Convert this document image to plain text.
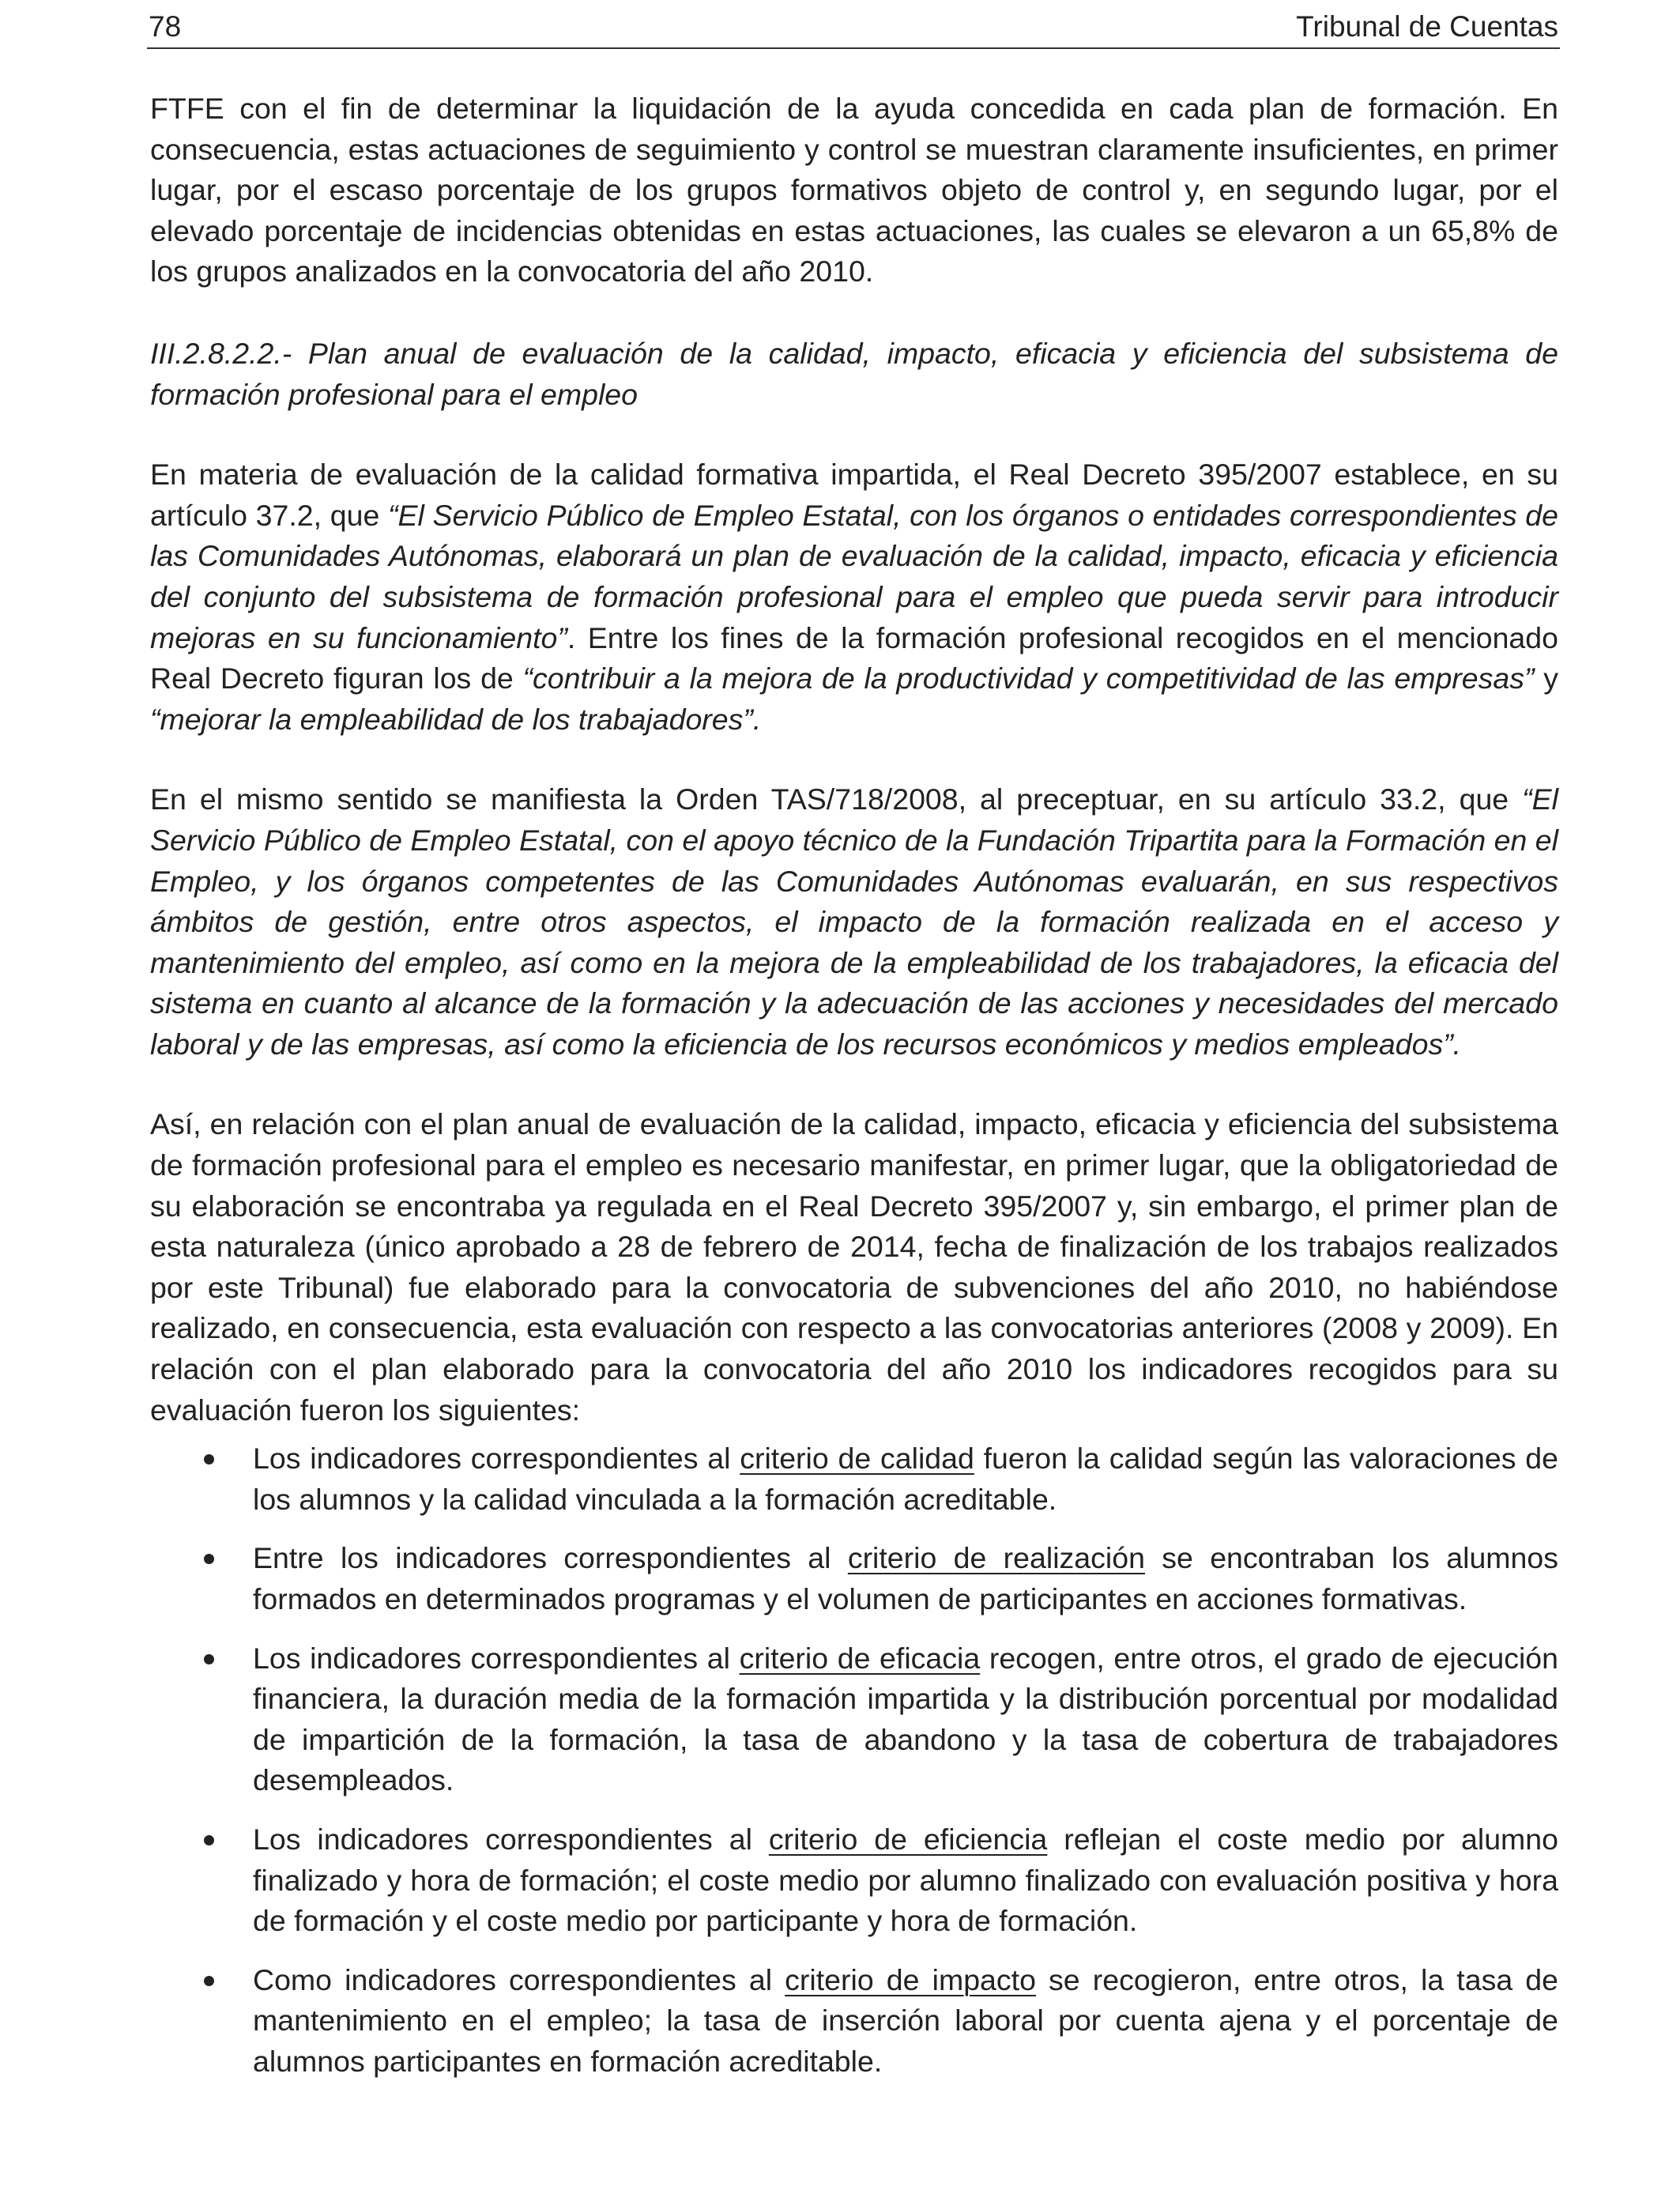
78	Tribunal de Cuentas

FTFE con el fin de determinar la liquidación de la ayuda concedida en cada plan de formación. En consecuencia, estas actuaciones de seguimiento y control se muestran claramente insuficientes, en primer lugar, por el escaso porcentaje de los grupos formativos objeto de control y, en segundo lugar, por el elevado porcentaje de incidencias obtenidas en estas actuaciones, las cuales se elevaron a un 65,8% de los grupos analizados en la convocatoria del año 2010.

III.2.8.2.2.- Plan anual de evaluación de la calidad, impacto, eficacia y eficiencia del subsistema de formación profesional para el empleo

En materia de evaluación de la calidad formativa impartida, el Real Decreto 395/2007 establece, en su artículo 37.2, que “El Servicio Público de Empleo Estatal, con los órganos o entidades correspondientes de las Comunidades Autónomas, elaborará un plan de evaluación de la calidad, impacto, eficacia y eficiencia del conjunto del subsistema de formación profesional para el empleo que pueda servir para introducir mejoras en su funcionamiento”. Entre los fines de la formación profesional recogidos en el mencionado Real Decreto figuran los de “contribuir a la mejora de la productividad y competitividad de las empresas” y “mejorar la empleabilidad de los trabajadores”.

En el mismo sentido se manifiesta la Orden TAS/718/2008, al preceptuar, en su artículo 33.2, que “El Servicio Público de Empleo Estatal, con el apoyo técnico de la Fundación Tripartita para la Formación en el Empleo, y los órganos competentes de las Comunidades Autónomas evaluarán, en sus respectivos ámbitos de gestión, entre otros aspectos, el impacto de la formación realizada en el acceso y mantenimiento del empleo, así como en la mejora de la empleabilidad de los trabajadores, la eficacia del sistema en cuanto al alcance de la formación y la adecuación de las acciones y necesidades del mercado laboral y de las empresas, así como la eficiencia de los recursos económicos y medios empleados”.

Así, en relación con el plan anual de evaluación de la calidad, impacto, eficacia y eficiencia del subsistema de formación profesional para el empleo es necesario manifestar, en primer lugar, que la obligatoriedad de su elaboración se encontraba ya regulada en el Real Decreto 395/2007 y, sin embargo, el primer plan de esta naturaleza (único aprobado a 28 de febrero de 2014, fecha de finalización de los trabajos realizados por este Tribunal) fue elaborado para la convocatoria de subvenciones del año 2010, no habiéndose realizado, en consecuencia, esta evaluación con respecto a las convocatorias anteriores (2008 y 2009). En relación con el plan elaborado para la convocatoria del año 2010 los indicadores recogidos para su evaluación fueron los siguientes:

Los indicadores correspondientes al criterio de calidad fueron la calidad según las valoraciones de los alumnos y la calidad vinculada a la formación acreditable.

Entre los indicadores correspondientes al criterio de realización se encontraban los alumnos formados en determinados programas y el volumen de participantes en acciones formativas.

Los indicadores correspondientes al criterio de eficacia recogen, entre otros, el grado de ejecución financiera, la duración media de la formación impartida y la distribución porcentual por modalidad de impartición de la formación, la tasa de abandono y la tasa de cobertura de trabajadores desempleados.

Los indicadores correspondientes al criterio de eficiencia reflejan el coste medio por alumno finalizado y hora de formación; el coste medio por alumno finalizado con evaluación positiva y hora de formación y el coste medio por participante y hora de formación.

Como indicadores correspondientes al criterio de impacto se recogieron, entre otros, la tasa de mantenimiento en el empleo; la tasa de inserción laboral por cuenta ajena y el porcentaje de alumnos participantes en formación acreditable.
